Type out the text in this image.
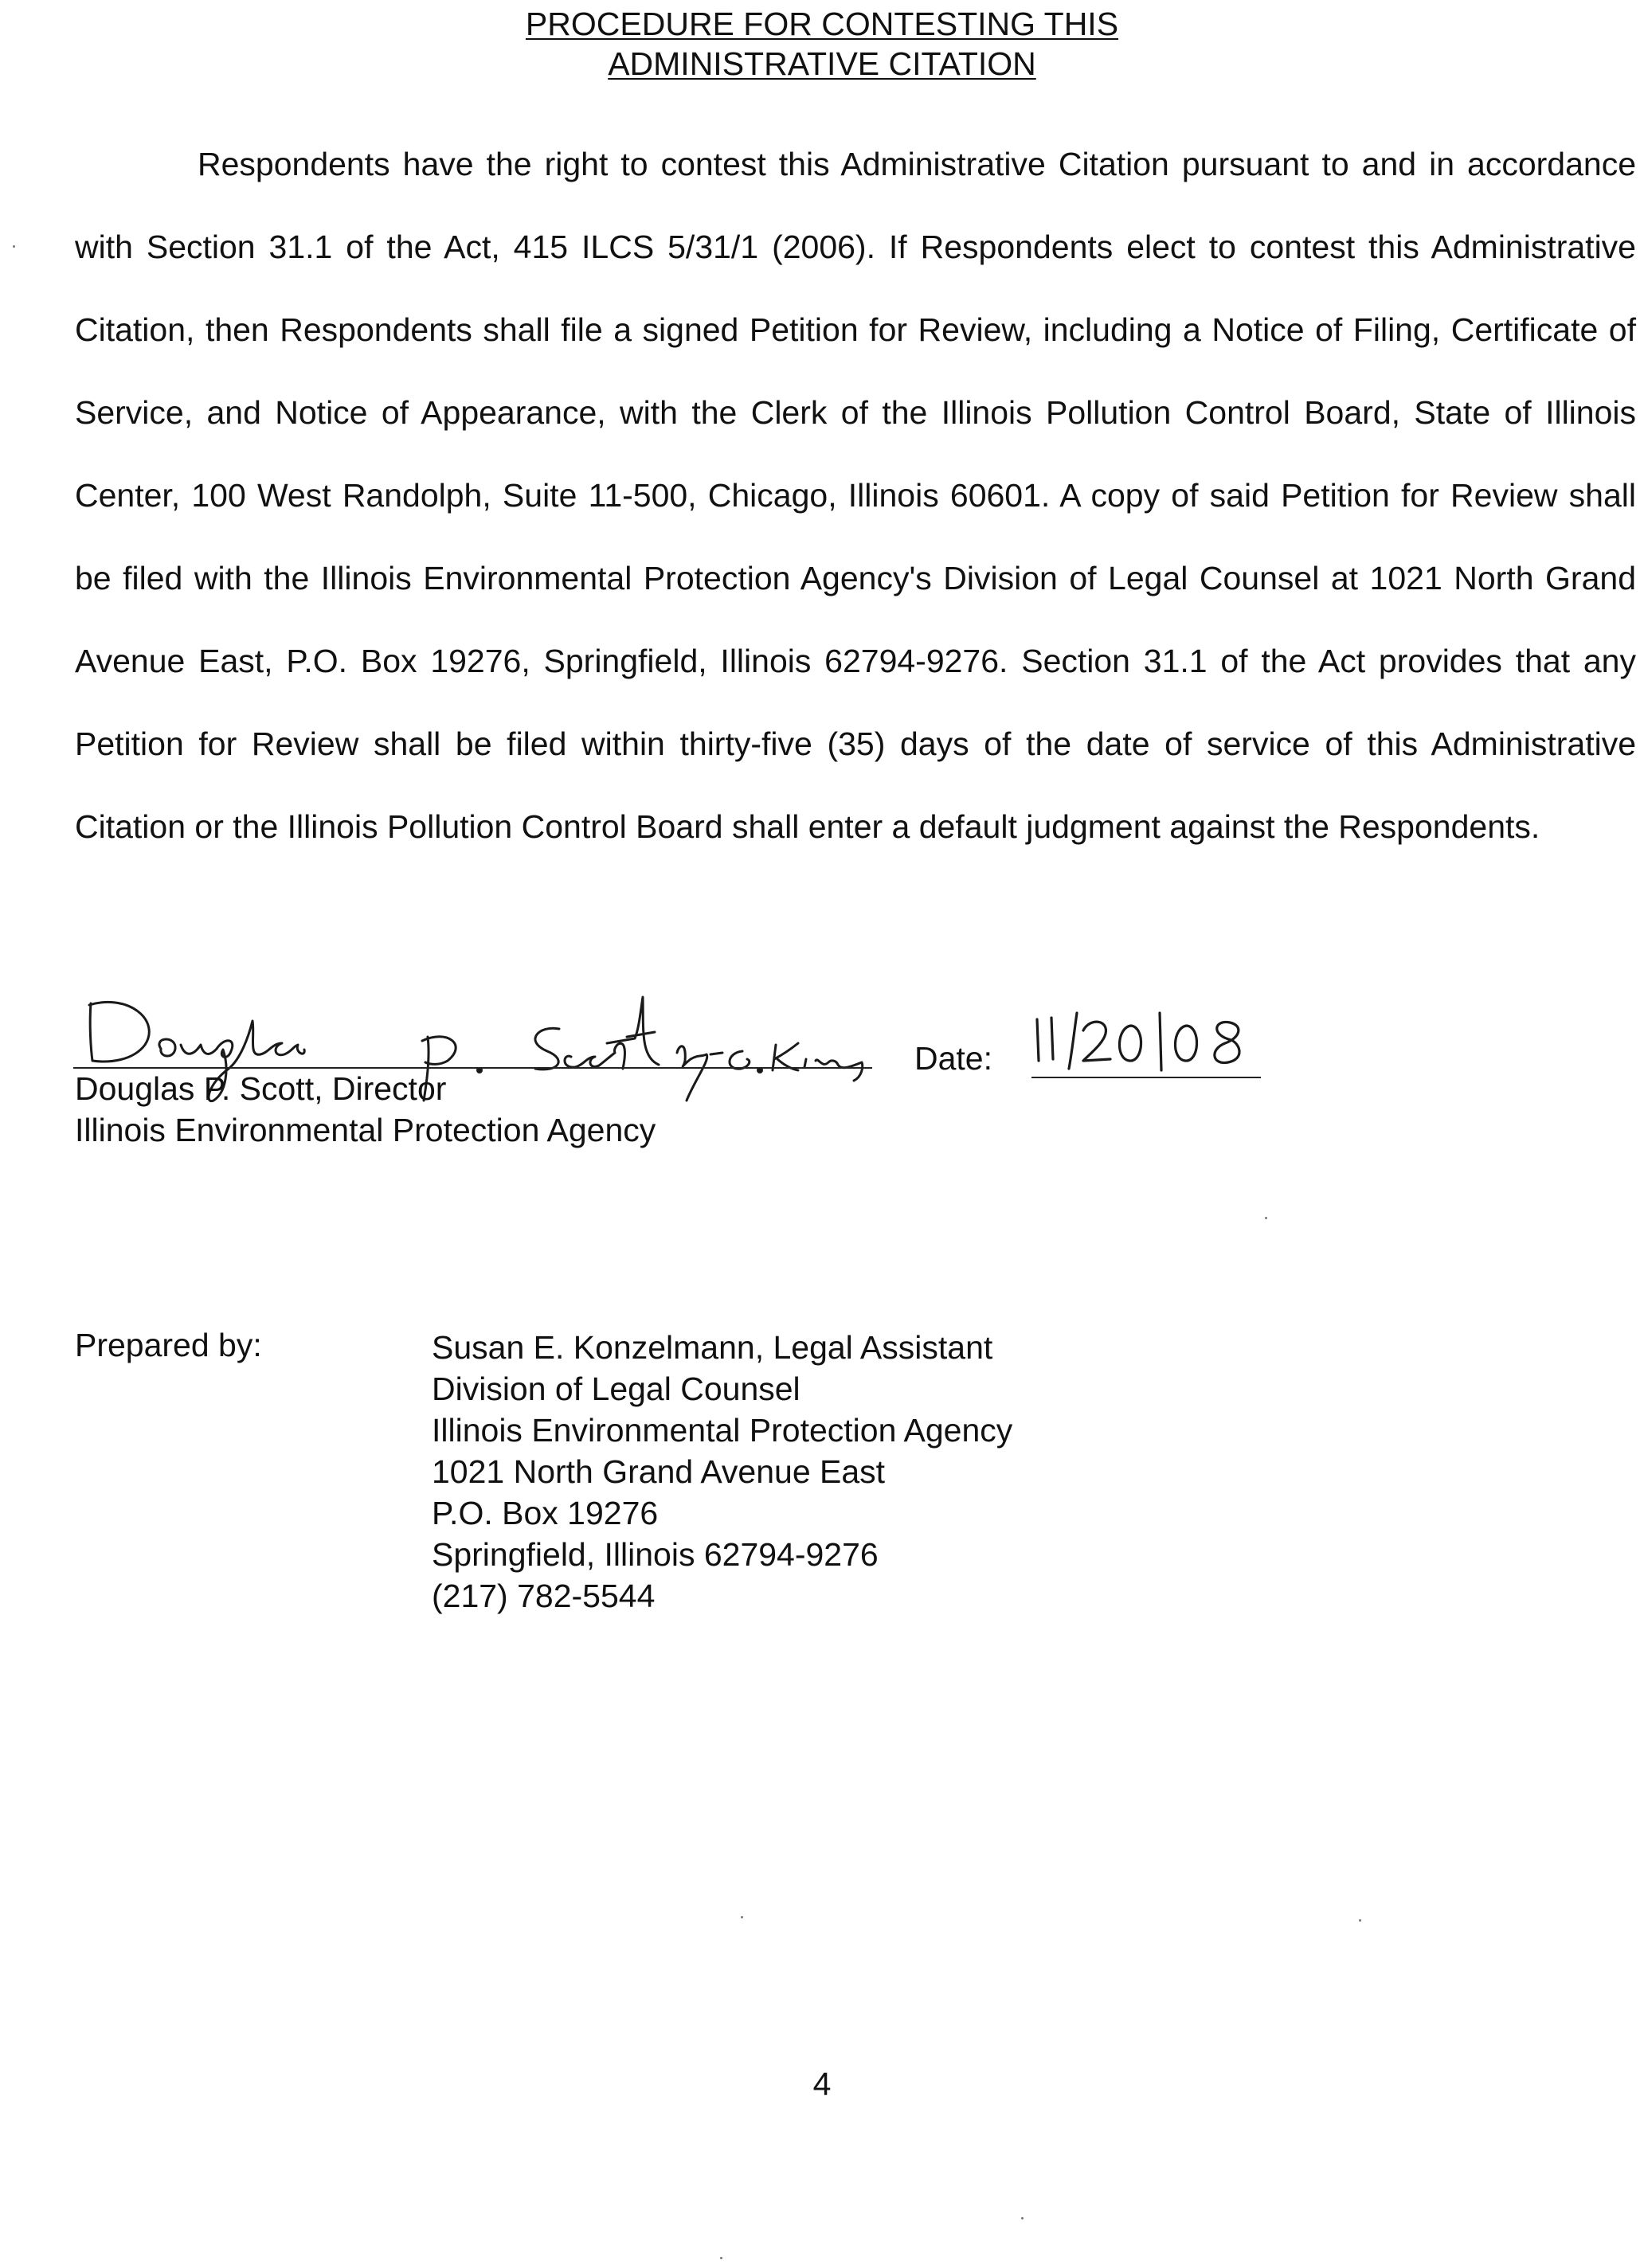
PROCEDURE FOR CONTESTING THIS
ADMINISTRATIVE CITATION

Respondents have the right to contest this Administrative Citation pursuant to and in accordance with Section 31.1 of the Act, 415 ILCS 5/31/1 (2006). If Respondents elect to contest this Administrative Citation, then Respondents shall file a signed Petition for Review, including a Notice of Filing, Certificate of Service, and Notice of Appearance, with the Clerk of the Illinois Pollution Control Board, State of Illinois Center, 100 West Randolph, Suite 11-500, Chicago, Illinois 60601. A copy of said Petition for Review shall be filed with the Illinois Environmental Protection Agency's Division of Legal Counsel at 1021 North Grand Avenue East, P.O. Box 19276, Springfield, Illinois 62794-9276. Section 31.1 of the Act provides that any Petition for Review shall be filed within thirty-five (35) days of the date of service of this Administrative Citation or the Illinois Pollution Control Board shall enter a default judgment against the Respondents.

Douglas P. Scott, Director
Illinois Environmental Protection Agency
Date:
Prepared by:	Susan E. Konzelmann, Legal Assistant
Division of Legal Counsel
Illinois Environmental Protection Agency
1021 North Grand Avenue East
P.O. Box 19276
Springfield, Illinois 62794-9276
(217) 782-5544
4
